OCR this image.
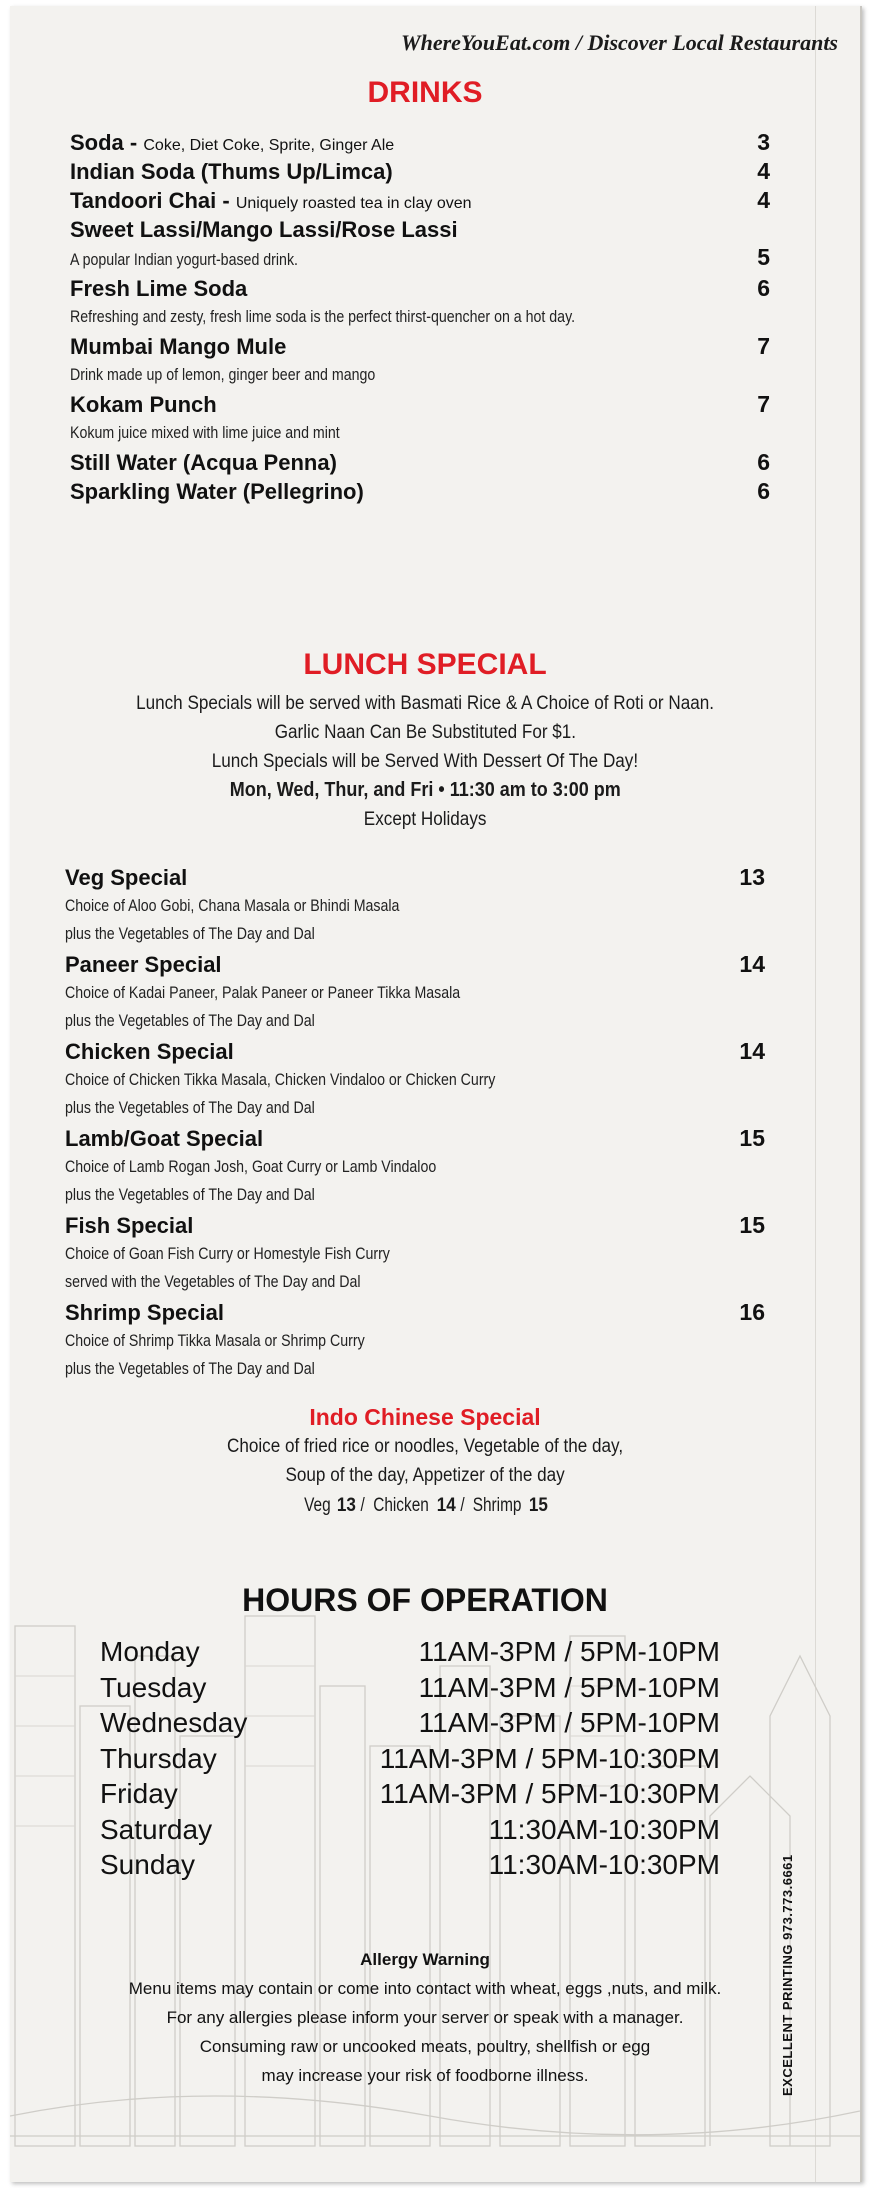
WhereYouEat.com / Discover Local Restaurants
DRINKS
Soda - Coke, Diet Coke, Sprite, Ginger Ale	3
Indian Soda (Thums Up/Limca)	4
Tandoori Chai - Uniquely roasted tea in clay oven	4
Sweet Lassi/Mango Lassi/Rose Lassi
A popular Indian yogurt-based drink.	5
Fresh Lime Soda	6
Refreshing and zesty, fresh lime soda is the perfect thirst-quencher on a hot day.
Mumbai Mango Mule	7
Drink made up of lemon, ginger beer and mango
Kokam Punch	7
Kokum juice mixed with lime juice and mint
Still Water (Acqua Penna)	6
Sparkling Water (Pellegrino)	6
LUNCH SPECIAL
Lunch Specials will be served with Basmati Rice & A Choice of Roti or Naan.
Garlic Naan Can Be Substituted For $1.
Lunch Specials will be Served With Dessert Of The Day!
Mon, Wed, Thur, and Fri • 11:30 am to 3:00 pm
Except Holidays
Veg Special	13
Choice of Aloo Gobi, Chana Masala or Bhindi Masala
plus the Vegetables of The Day and Dal
Paneer Special	14
Choice of Kadai Paneer, Palak Paneer or Paneer Tikka Masala
plus the Vegetables of The Day and Dal
Chicken Special	14
Choice of Chicken Tikka Masala, Chicken Vindaloo or Chicken Curry
plus the Vegetables of The Day and Dal
Lamb/Goat Special	15
Choice of Lamb Rogan Josh, Goat Curry or Lamb Vindaloo
plus the Vegetables of The Day and Dal
Fish Special	15
Choice of Goan Fish Curry or Homestyle Fish Curry
served with the Vegetables of The Day and Dal
Shrimp Special	16
Choice of Shrimp Tikka Masala or Shrimp Curry
plus the Vegetables of The Day and Dal
Indo Chinese Special
Choice of fried rice or noodles, Vegetable of the day,
Soup of the day, Appetizer of the day
Veg 13 / Chicken 14 / Shrimp 15
HOURS OF OPERATION
Monday	11AM-3PM / 5PM-10PM
Tuesday	11AM-3PM / 5PM-10PM
Wednesday	11AM-3PM / 5PM-10PM
Thursday	11AM-3PM / 5PM-10:30PM
Friday	11AM-3PM / 5PM-10:30PM
Saturday	11:30AM-10:30PM
Sunday	11:30AM-10:30PM
Allergy Warning
Menu items may contain or come into contact with wheat, eggs ,nuts, and milk.
For any allergies please inform your server or speak with a manager.
Consuming raw or uncooked meats, poultry, shellfish or egg
may increase your risk of foodborne illness.	EXCELLENT PRINTING 973.773.6661
